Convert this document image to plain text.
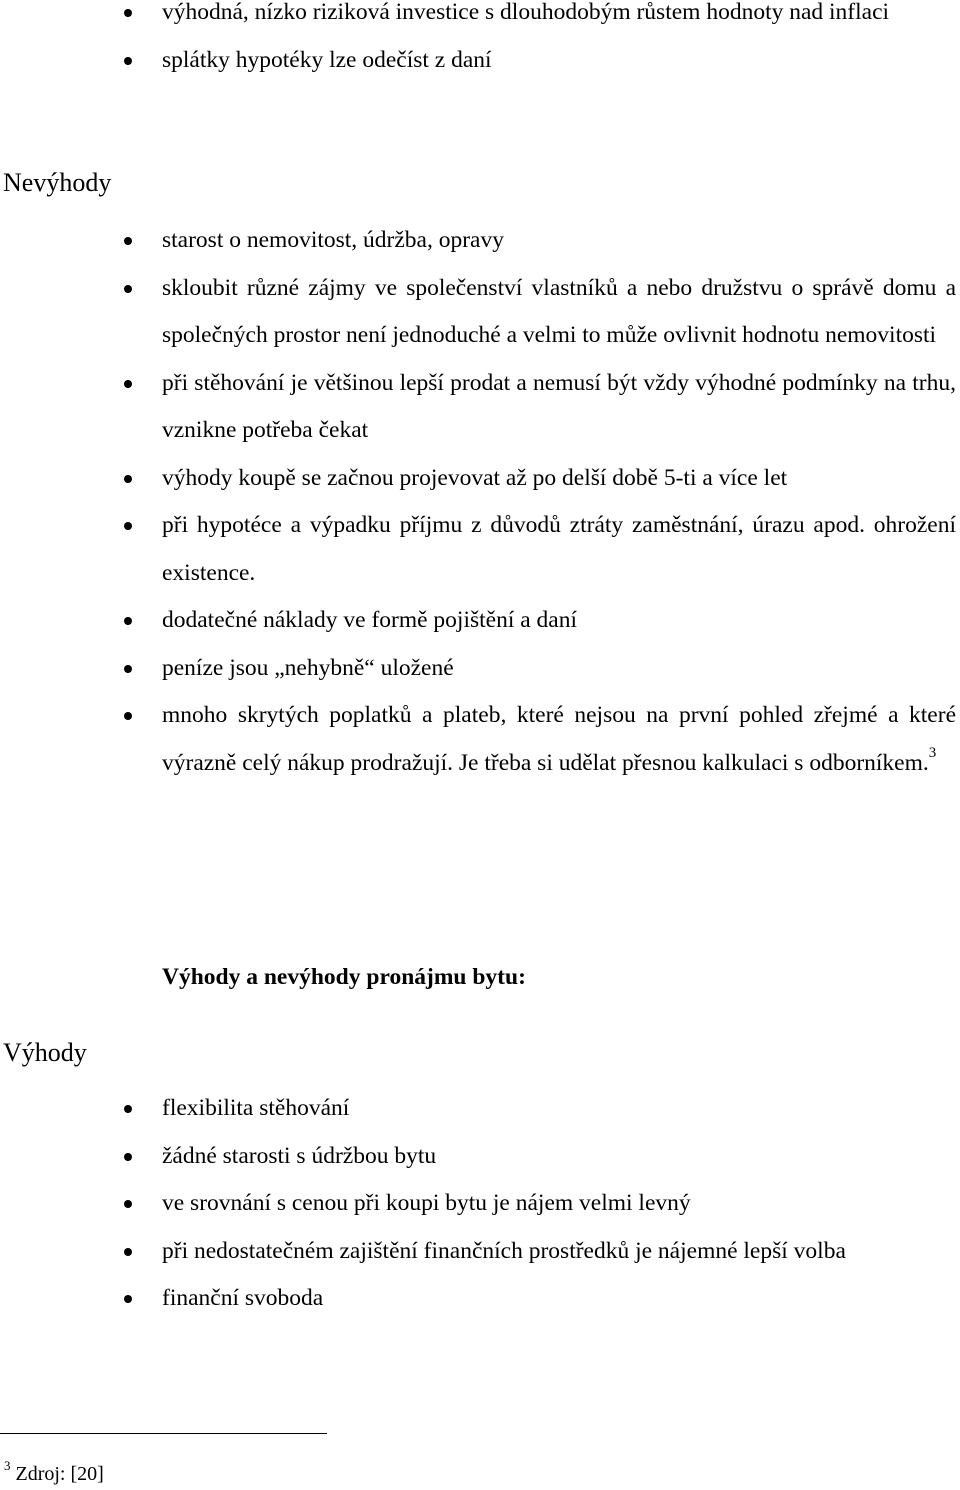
výhodná, nízko riziková investice s dlouhodobým růstem hodnoty nad inflaci
splátky hypotéky lze odečíst z daní
Nevýhody
starost o nemovitost, údržba, opravy
skloubit různé zájmy ve společenství vlastníků a nebo družstvu o správě domu a společných prostor není jednoduché a velmi to může ovlivnit hodnotu nemovitosti
při stěhování je většinou lepší prodat a nemusí být vždy výhodné podmínky na trhu, vznikne potřeba čekat
výhody koupě se začnou projevovat až po delší době 5-ti a více let
při hypotéce a výpadku příjmu z důvodů ztráty zaměstnání, úrazu apod. ohrožení existence.
dodatečné náklady ve formě pojištění a daní
peníze jsou „nehybně“ uložené
mnoho skrytých poplatků a plateb, které nejsou na první pohled zřejmé a které výrazně celý nákup prodražují. Je třeba si udělat přesnou kalkulaci s odborníkem.$^3$
Výhody a nevýhody pronájmu bytu:
Výhody
flexibilita stěhování
žádné starosti s údržbou bytu
ve srovnání s cenou při koupi bytu je nájem velmi levný
při nedostatečném zajištění finančních prostředků je nájemné lepší volba
finanční svoboda
$^3$ Zdroj: [20]
